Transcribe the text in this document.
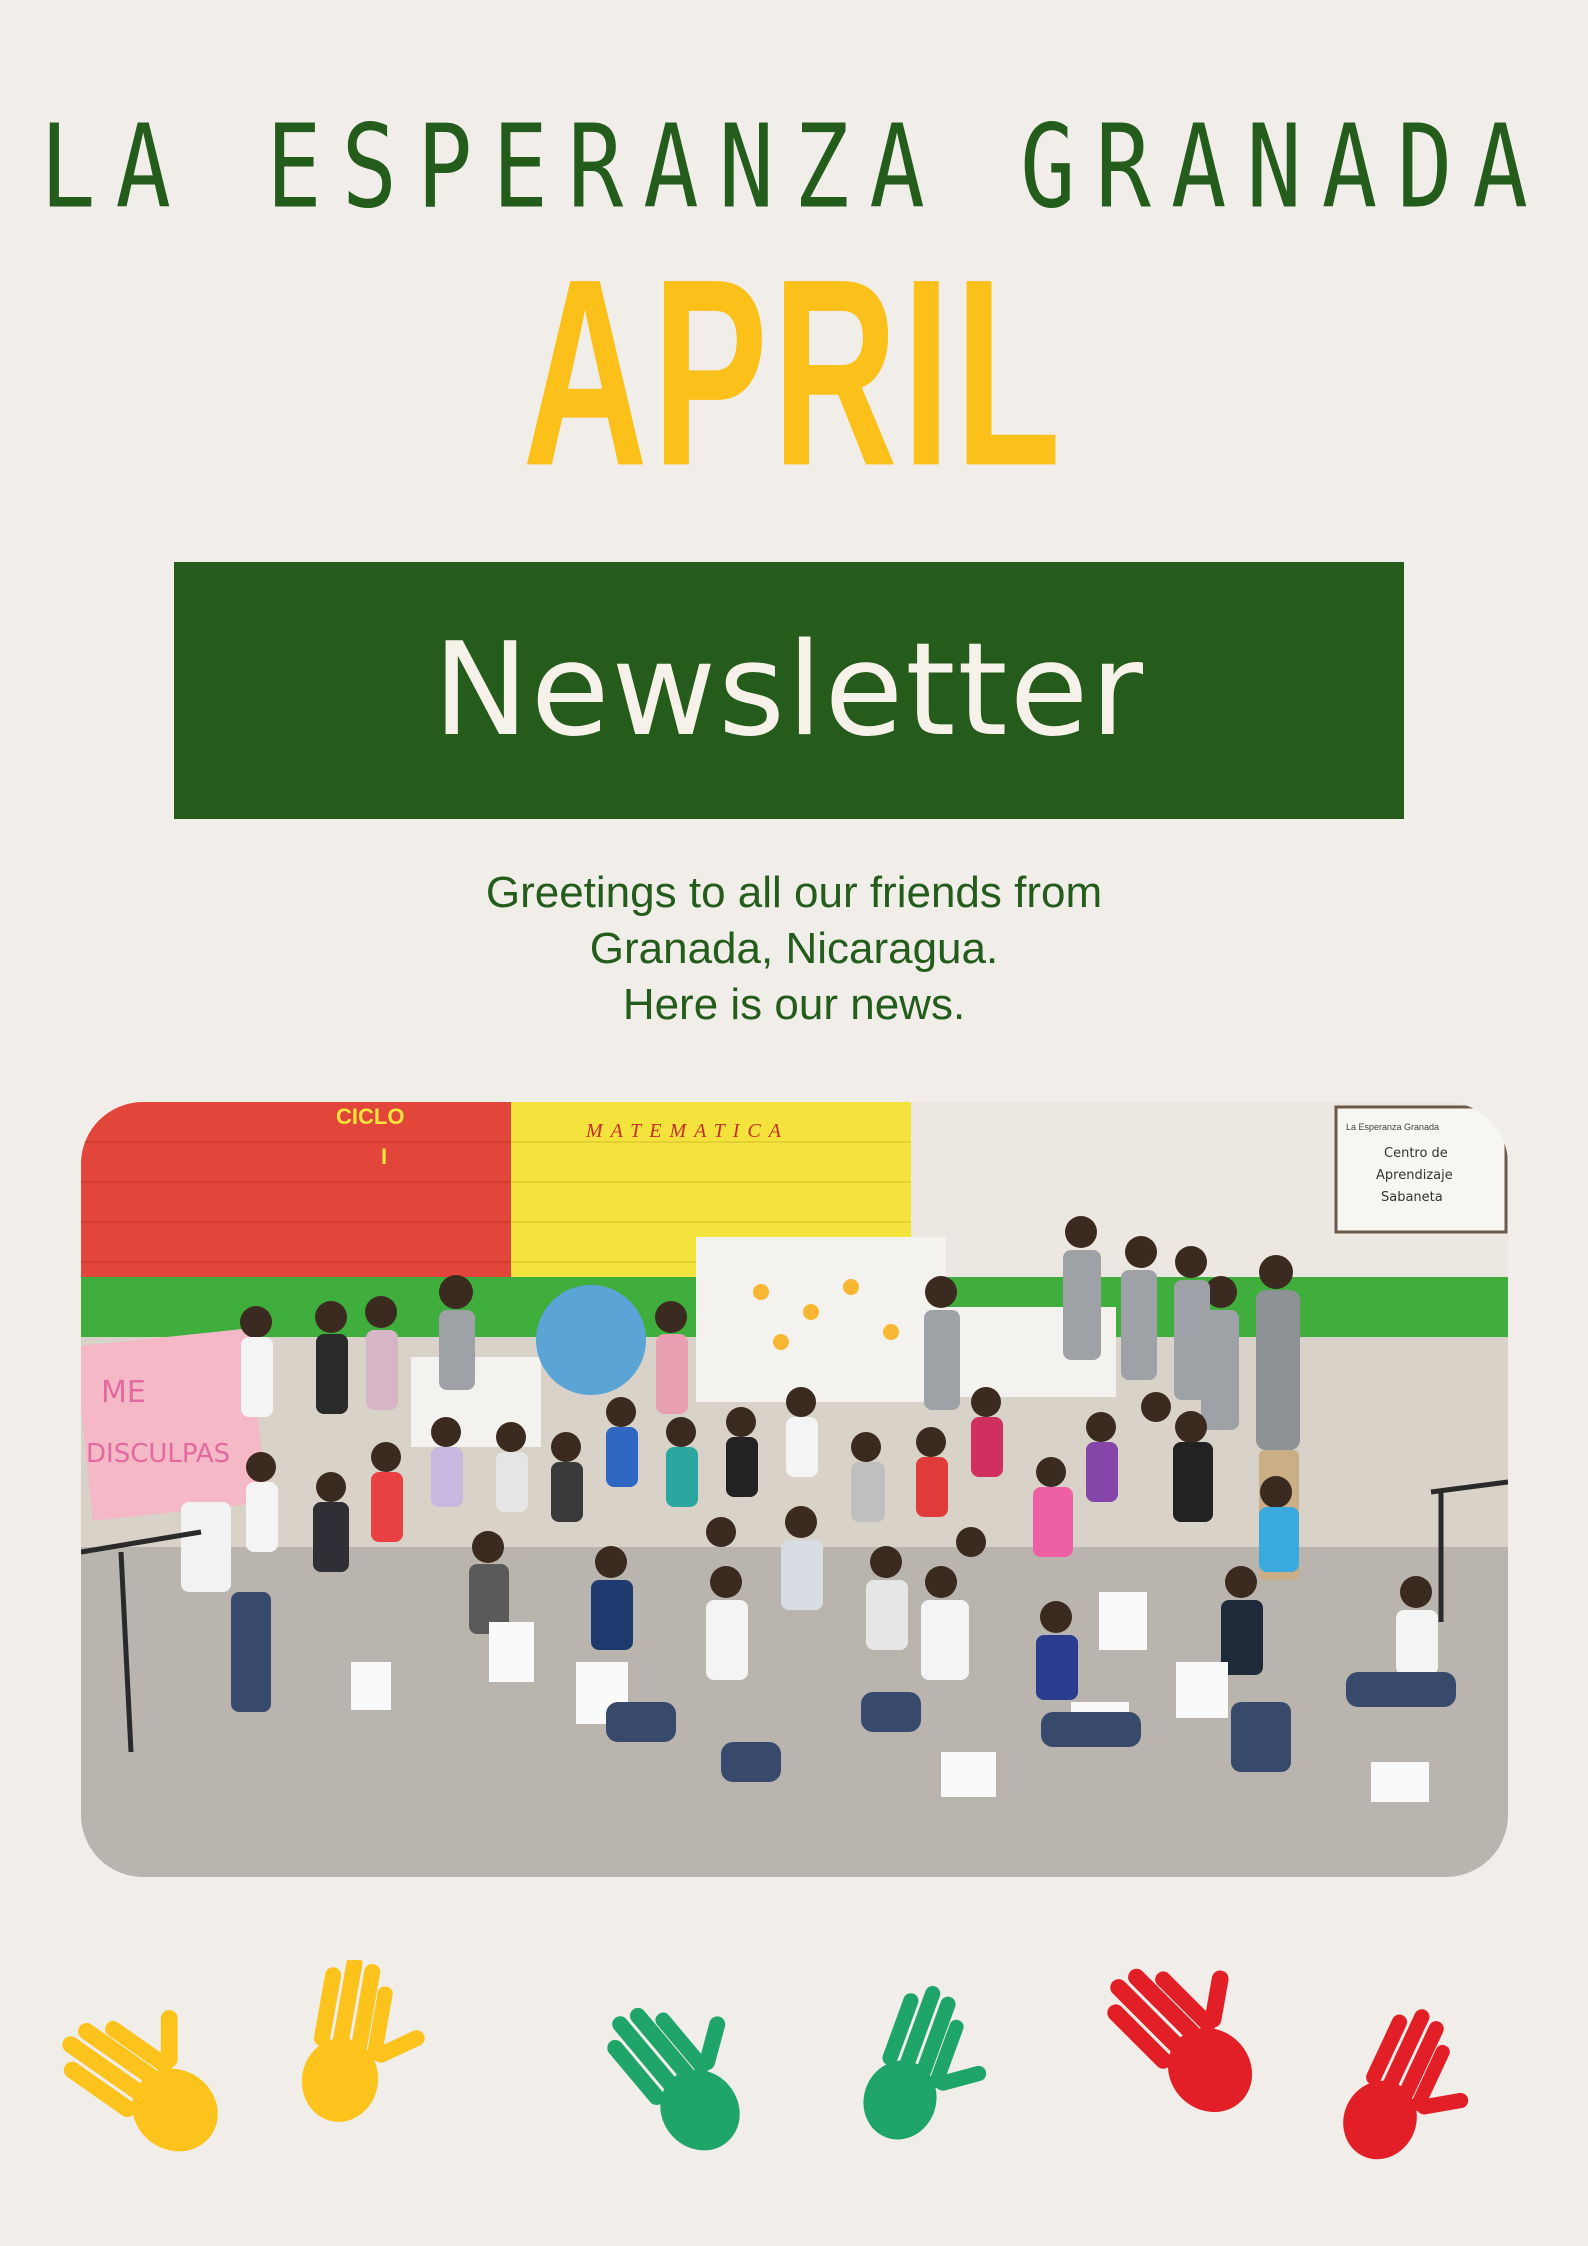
LA ESPERANZA GRANADA
APRIL
Newsletter
Greetings to all our friends from
Granada, Nicaragua.
Here is our news.
CICLO
I
MATEMATICA	La Esperanza Granada
Centro de
Aprendizaje
Sabaneta
ME
DISCULPAS
